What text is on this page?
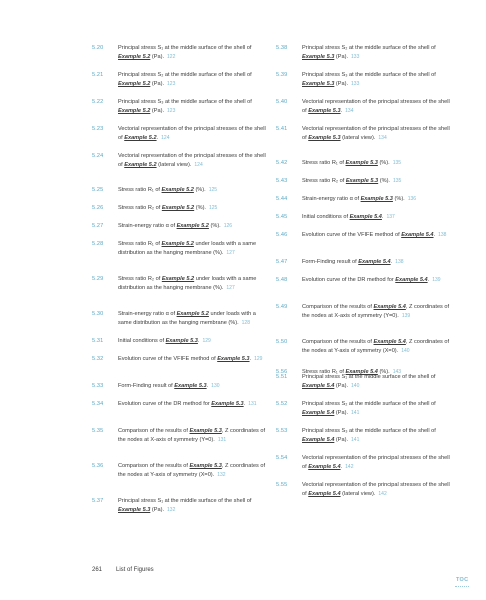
5.20	Principal stress S₁ at the middle surface of the shell of Example 5.2 (Pa). 122
5.21	Principal stress S₂ at the middle surface of the shell of Example 5.2 (Pa). 123
5.22	Principal stress S₃ at the middle surface of the shell of Example 5.2 (Pa). 123
5.23	Vectorial representation of the principal stresses of the shell of Example 5.2. 124
5.24	Vectorial representation of the principal stresses of the shell of Example 5.2 (lateral view). 124
5.25	Stress ratio R₁ of Example 5.2 (%). 125
5.26	Stress ratio R₂ of Example 5.2 (%). 125
5.27	Strain-energy ratio α of Example 5.2 (%). 126
5.28	Stress ratio R₁ of Example 5.2 under loads with a same distribution as the hanging membrane (%). 127
5.29	Stress ratio R₂ of Example 5.2 under loads with a same distribution as the hanging membrane (%). 127
5.30	Strain-energy ratio α of Example 5.2 under loads with a same distribution as the hanging membrane (%). 128
5.31	Initial conditions of Example 5.3. 129
5.32	Evolution curve of the VFIFE method of Example 5.3. 129
5.33	Form-Finding result of Example 5.3. 130
5.34	Evolution curve of the DR method for Example 5.3. 131
5.35	Comparison of the results of Example 5.3, Z coordinates of the nodes at X-axis of symmetry (Y=0). 131
5.36	Comparison of the results of Example 5.3, Z coordinates of the nodes at Y-axis of symmetry (X=0). 132
5.37	Principal stress S₁ at the middle surface of the shell of Example 5.3 (Pa). 132
5.38	Principal stress S₂ at the middle surface of the shell of Example 5.3 (Pa). 133
5.39	Principal stress S₃ at the middle surface of the shell of Example 5.3 (Pa). 133
5.40	Vectorial representation of the principal stresses of the shell of Example 5.3. 134
5.41	Vectorial representation of the principal stresses of the shell of Example 5.3 (lateral view). 134
5.42	Stress ratio R₁ of Example 5.3 (%). 135
5.43	Stress ratio R₂ of Example 5.3 (%). 135
5.44	Strain-energy ratio α of Example 5.3 (%). 136
5.45	Initial conditions of Example 5.4. 137
5.46	Evolution curve of the VFIFE method of Example 5.4. 138
5.47	Form-Finding result of Example 5.4. 138
5.48	Evolution curve of the DR method for Example 5.4. 139
5.49	Comparison of the results of Example 5.4, Z coordinates of the nodes at X-axis of symmetry (Y=0). 139
5.50	Comparison of the results of Example 5.4, Z coordinates of the nodes at Y-axis of symmetry (X=0). 140
5.51	Principal stress S₁ at the middle surface of the shell of Example 5.4 (Pa). 140
5.52	Principal stress S₂ at the middle surface of the shell of Example 5.4 (Pa). 141
5.53	Principal stress S₃ at the middle surface of the shell of Example 5.4 (Pa). 141
5.54	Vectorial representation of the principal stresses of the shell of Example 5.4. 142
5.55	Vectorial representation of the principal stresses of the shell of Example 5.4 (lateral view). 142
5.56	Stress ratio R₁ of Example 5.4 (%). 143
261 List of Figures
TOC
